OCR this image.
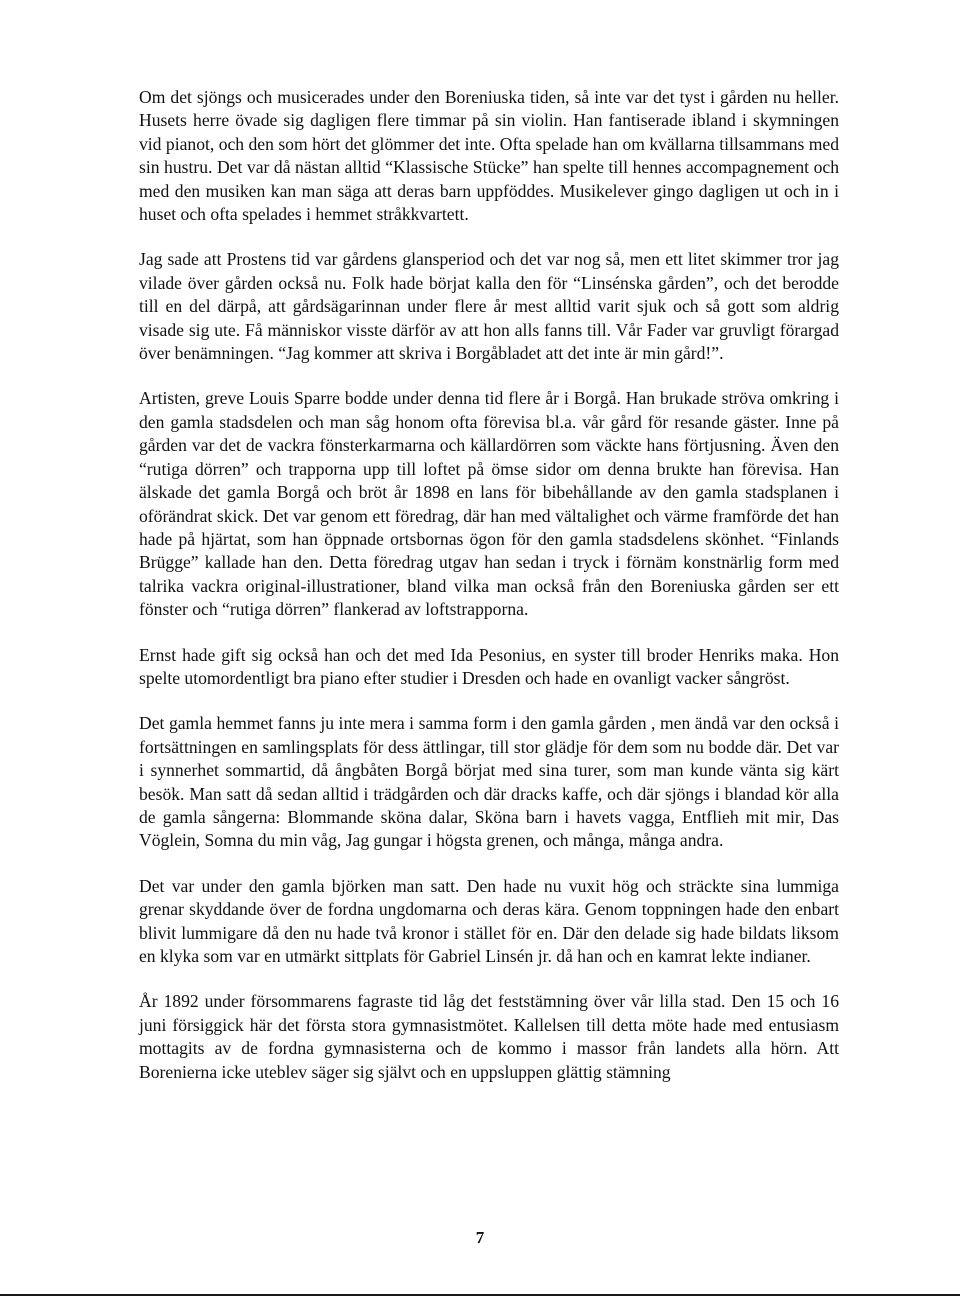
Om det sjöngs och musicerades under den Boreniuska tiden, så inte var det tyst i gården nu heller. Husets herre övade sig dagligen flere timmar på sin violin. Han fantiserade ibland i skymningen vid pianot, och den som hört det glömmer det inte. Ofta spelade han om kvällarna tillsammans med sin hustru. Det var då nästan alltid “Klassische Stücke” han spelte till hennes accompagnement och med den musiken kan man säga att deras barn uppföddes. Musikelever gingo dagligen ut och in i huset och ofta spelades i hemmet stråkkvartett.

Jag sade att Prostens tid var gårdens glansperiod och det var nog så, men ett litet skimmer tror jag vilade över gården också nu. Folk hade börjat kalla den för “Linsénska gården”, och det berodde till en del därpå, att gårdsägarinnan under flere år mest alltid varit sjuk och så gott som aldrig visade sig ute. Få människor visste därför av att hon alls fanns till. Vår Fader var gruvligt förargad över benämningen. “Jag kommer att skriva i Borgåbladet att det inte är min gård!”.

Artisten, greve Louis Sparre bodde under denna tid flere år i Borgå. Han brukade ströva omkring i den gamla stadsdelen och man såg honom ofta förevisa bl.a. vår gård för resande gäster. Inne på gården var det de vackra fönsterkarmarna och källardörren som väckte hans förtjusning. Även den “rutiga dörren” och trapporna upp till loftet på ömse sidor om denna brukte han förevisa. Han älskade det gamla Borgå och bröt år 1898 en lans för bibehållande av den gamla stadsplanen i oförändrat skick. Det var genom ett föredrag, där han med vältalighet och värme framförde det han hade på hjärtat, som han öppnade ortsbornas ögon för den gamla stadsdelens skönhet. “Finlands Brügge” kallade han den. Detta föredrag utgav han sedan i tryck i förnäm konstnärlig form med talrika vackra original-illustrationer, bland vilka man också från den Boreniuska gården ser ett fönster och “rutiga dörren” flankerad av loftstrapporna.

Ernst hade gift sig också han och det med Ida Pesonius, en syster till broder Henriks maka. Hon spelte utomordentligt bra piano efter studier i Dresden och hade en ovanligt vacker sångröst.

Det gamla hemmet fanns ju inte mera i samma form i den gamla gården , men ändå var den också i fortsättningen en samlingsplats för dess ättlingar, till stor glädje för dem som nu bodde där. Det var i synnerhet sommartid, då ångbåten Borgå börjat med sina turer, som man kunde vänta sig kärt besök. Man satt då sedan alltid i trädgården och där dracks kaffe, och där sjöngs i blandad kör alla de gamla sångerna: Blommande sköna dalar, Sköna barn i havets vagga, Entflieh mit mir, Das Vöglein, Somna du min våg, Jag gungar i högsta grenen, och många, många andra.

Det var under den gamla björken man satt. Den hade nu vuxit hög och sträckte sina lummiga grenar skyddande över de fordna ungdomarna och deras kära. Genom toppningen hade den enbart blivit lummigare då den nu hade två kronor i stället för en. Där den delade sig hade bildats liksom en klyka som var en utmärkt sittplats för Gabriel Linsén jr. då han och en kamrat lekte indianer.

År 1892 under försommarens fagraste tid låg det feststämning över vår lilla stad. Den 15 och 16 juni försiggick här det första stora gymnasistmötet. Kallelsen till detta möte hade med entusiasm mottagits av de fordna gymnasisterna och de kommo i massor från landets alla hörn. Att Borenierna icke uteblev säger sig självt och en uppsluppen glättig stämning

7
